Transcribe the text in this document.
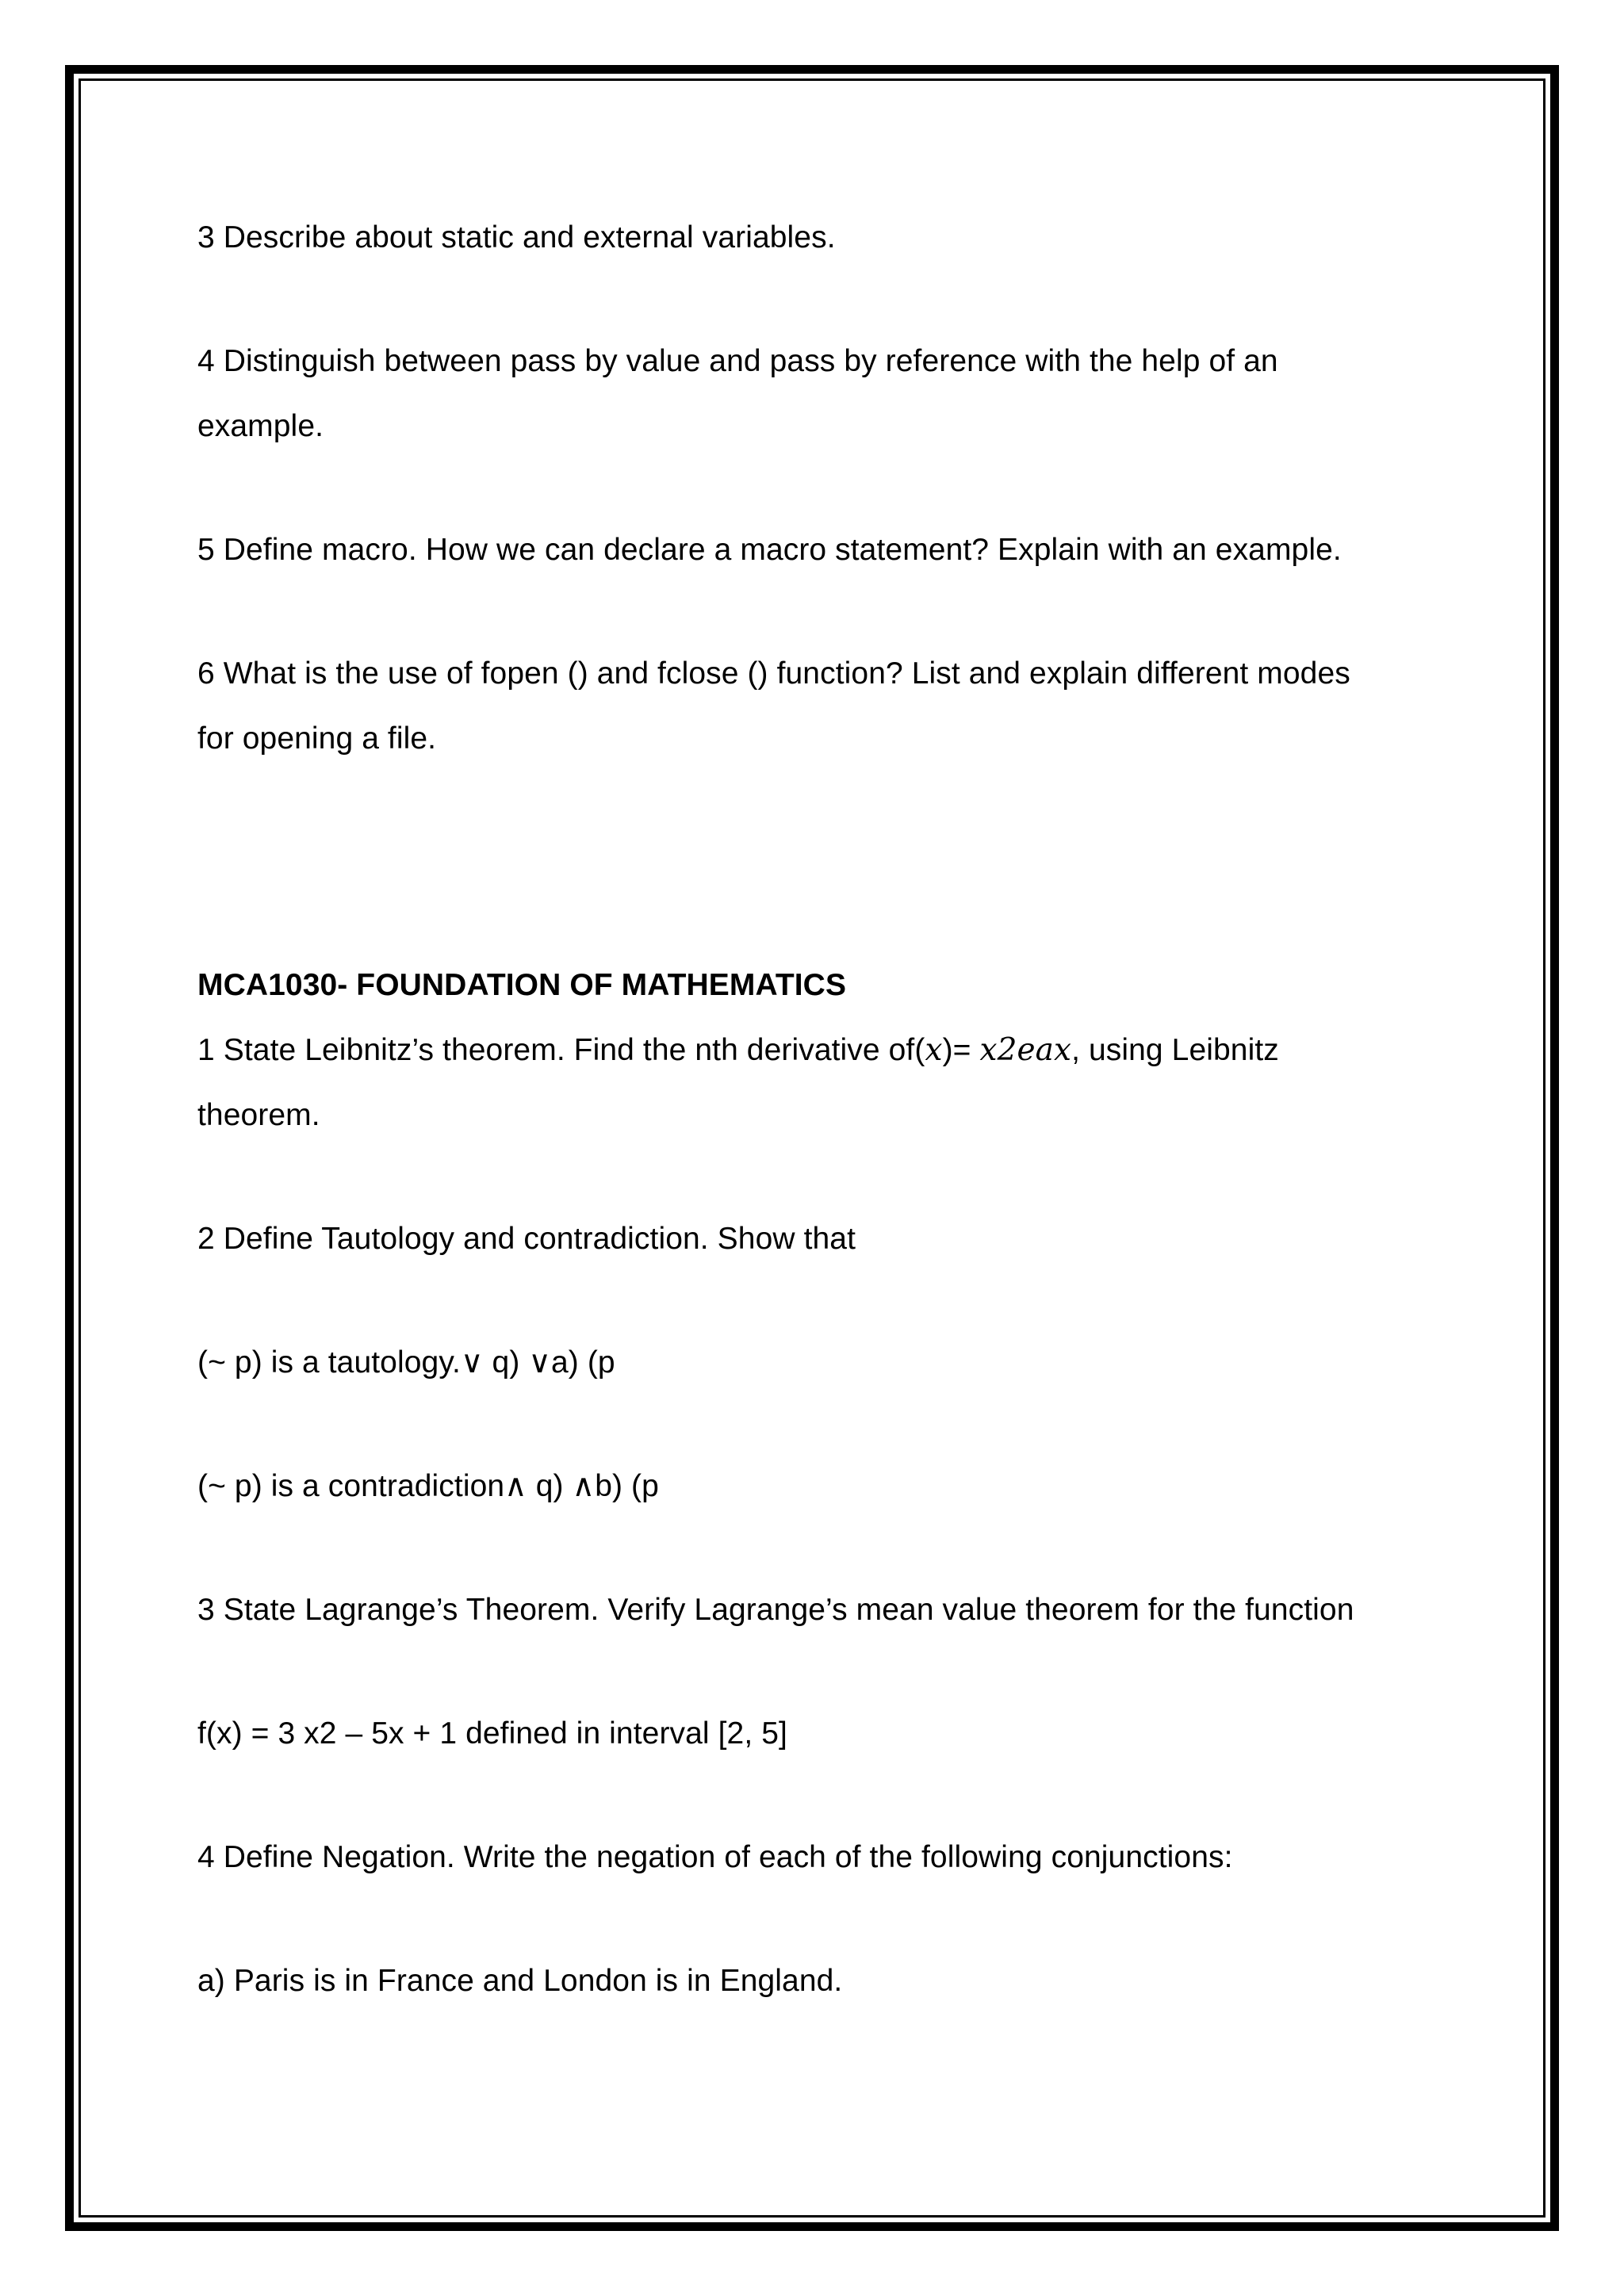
3 Describe about static and external variables.

4 Distinguish between pass by value and pass by reference with the help of an

example.

5 Define macro. How we can declare a macro statement? Explain with an example.

6 What is the use of fopen () and fclose () function? List and explain different modes

for opening a file.

MCA1030- FOUNDATION OF MATHEMATICS

1 State Leibnitz’s theorem. Find the nth derivative of(x)= x2eax, using Leibnitz

theorem.

2 Define Tautology and contradiction. Show that

(~ p) is a tautology.∨ q) ∨a) (p

(~ p) is a contradiction∧ q) ∧b) (p

3 State Lagrange’s Theorem. Verify Lagrange’s mean value theorem for the function

f(x) = 3 x2 – 5x + 1 defined in interval [2, 5]

4 Define Negation. Write the negation of each of the following conjunctions:

a) Paris is in France and London is in England.
